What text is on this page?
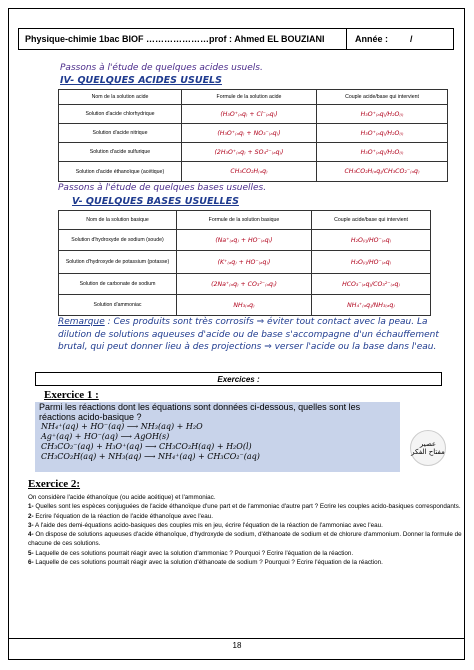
Physique-chimie 1bac BIOF …………………prof : Ahmed EL BOUZIANI	Année : /
Passons à l'étude de quelques acides usuels.
IV- QUELQUES ACIDES USUELS
Nom de la solution acide	Formule de la solution acide	Couple acide/base qui intervient
Solution d'acide chlorhydrique	(H₃O⁺₍ₐq₎ + Cl⁻₍ₐq₎)	H₃O⁺₍ₐq₎/H₂O₍ₗ₎
Solution d'acide nitrique	(H₃O⁺₍ₐq₎ + NO₃⁻₍ₐq₎)	H₃O⁺₍ₐq₎/H₂O₍ₗ₎
Solution d'acide sulfurique	(2H₃O⁺₍ₐq₎ + SO₄²⁻₍ₐq₎)	H₃O⁺₍ₐq₎/H₂O₍ₗ₎
Solution d'acide éthanoïque (acétique)	CH₃CO₂H₍ₐq₎	CH₃CO₂H₍ₐq₎/CH₃CO₂⁻₍ₐq₎
Passons à l'étude de quelques bases usuelles.
V- QUELQUES BASES USUELLES
Nom de la solution basique	Formule de la solution basique	Couple acide/base qui intervient
Solution d'hydroxyde de sodium (soude)	(Na⁺₍ₐq₎ + HO⁻₍ₐq₎)	H₂O₍ₗ₎/HO⁻₍ₐq₎
Solution d'hydroxyde de potassium (potasse)	(K⁺₍ₐq₎ + HO⁻₍ₐq₎)	H₂O₍ₗ₎/HO⁻₍ₐq₎
Solution de carbonate de sodium	(2Na⁺₍ₐq₎ + CO₃²⁻₍ₐq₎)	HCO₃⁻₍ₐq₎/CO₃²⁻₍ₐq₎
Solution d'ammoniac	NH₃₍ₐq₎	NH₄⁺₍ₐq₎/NH₃₍ₐq₎
Remarque : Ces produits sont très corrosifs ⇒ éviter tout contact avec la peau. La dilution de solutions aqueuses d'acide ou de base s'accompagne d'un échauffement brutal, qui peut donner lieu à des projections ⇒ verser l'acide ou la base dans l'eau.
Exercices :
Exercice 1 :
Parmi les réactions dont les équations sont données ci-dessous, quelles sont les réactions acido-basique ?
NH₄⁺(aq) + HO⁻(aq) ⟶ NH₃(aq) + H₂O
Ag⁺(aq) + HO⁻(aq) ⟶ AgOH(s)
CH₃CO₂⁻(aq) + H₃O⁺(aq) ⟶ CH₃CO₂H(aq) + H₂O(l)
CH₃CO₂H(aq) + NH₃(aq) ⟶ NH₄⁺(aq) + CH₃CO₂⁻(aq)
عصير مفتاح الفكر
Exercice 2:

On considère l'acide éthanoïque (ou acide acétique) et l'ammoniac.

1- Quelles sont les espèces conjuguées de l'acide éthanoïque d'une part et de l'ammoniac d'autre part ? Ecrire les couples acido-basiques correspondants.

2- Ecrire l'équation de la réaction de l'acide éthanoïque avec l'eau.

3- A l'aide des demi-équations acido-basiques des couples mis en jeu, écrire l'équation de la réaction de l'ammoniac avec l'eau.

4- On dispose de solutions aqueuses d'acide éthanoïque, d'hydroxyde de sodium, d'éthanoate de sodium et de chlorure d'ammonium. Donner la formule de chacune de ces solutions.

5- Laquelle de ces solutions pourrait réagir avec la solution d'ammoniac ? Pourquoi ? Ecrire l'équation de la réaction.

6- Laquelle de ces solutions pourrait réagir avec la solution d'éthanoate de sodium ? Pourquoi ? Ecrire l'équation de la réaction.

18
